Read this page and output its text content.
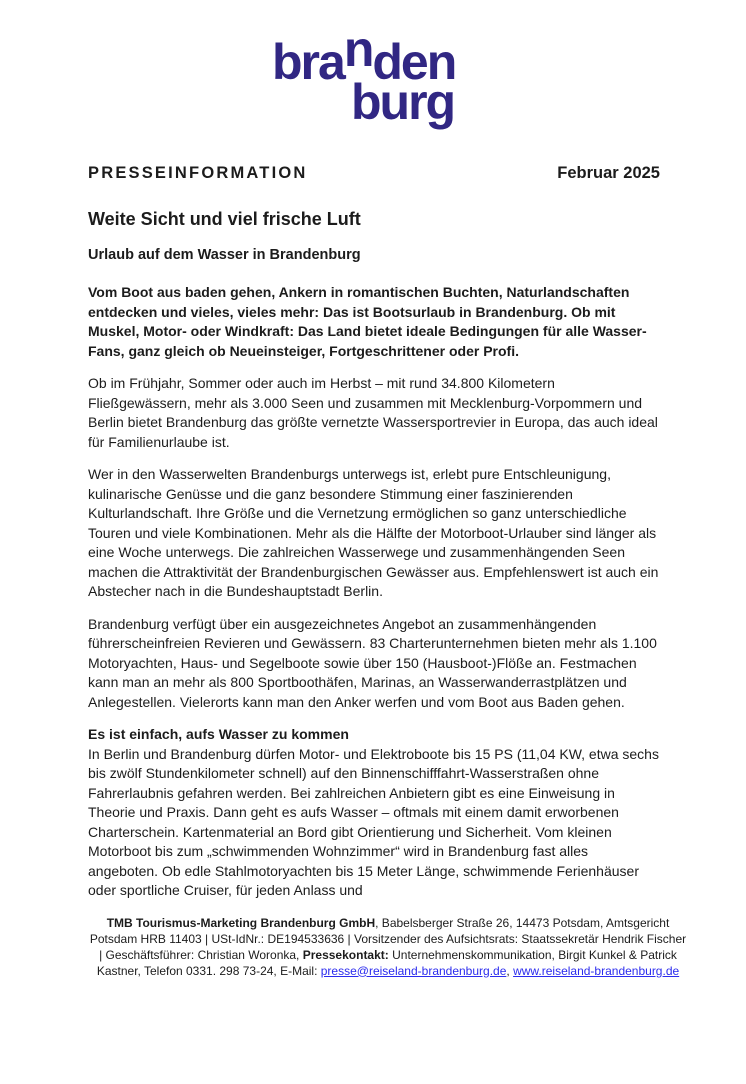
branden
burg
PRESSEINFORMATION	Februar 2025
Weite Sicht und viel frische Luft
Urlaub auf dem Wasser in Brandenburg

Vom Boot aus baden gehen, Ankern in romantischen Buchten, Naturlandschaften entdecken und vieles, vieles mehr: Das ist Bootsurlaub in Brandenburg. Ob mit Muskel, Motor- oder Windkraft: Das Land bietet ideale Bedingungen für alle Wasser-Fans, ganz gleich ob Neueinsteiger, Fortgeschrittener oder Profi.

Ob im Frühjahr, Sommer oder auch im Herbst – mit rund 34.800 Kilometern Fließgewässern, mehr als 3.000 Seen und zusammen mit Mecklenburg-Vorpommern und Berlin bietet Brandenburg das größte vernetzte Wassersportrevier in Europa, das auch ideal für Familienurlaube ist.

Wer in den Wasserwelten Brandenburgs unterwegs ist, erlebt pure Entschleunigung, kulinarische Genüsse und die ganz besondere Stimmung einer faszinierenden Kulturlandschaft. Ihre Größe und die Vernetzung ermöglichen so ganz unterschiedliche Touren und viele Kombinationen. Mehr als die Hälfte der Motorboot-Urlauber sind länger als eine Woche unterwegs. Die zahlreichen Wasserwege und zusammenhängenden Seen machen die Attraktivität der Brandenburgischen Gewässer aus. Empfehlenswert ist auch ein Abstecher nach in die Bundeshauptstadt Berlin.

Brandenburg verfügt über ein ausgezeichnetes Angebot an zusammenhängenden führerscheinfreien Revieren und Gewässern. 83 Charterunternehmen bieten mehr als 1.100 Motoryachten, Haus- und Segelboote sowie über 150 (Hausboot-)Flöße an. Festmachen kann man an mehr als 800 Sportboothäfen, Marinas, an Wasserwanderrastplätzen und Anlegestellen. Vielerorts kann man den Anker werfen und vom Boot aus Baden gehen.

Es ist einfach, aufs Wasser zu kommen
In Berlin und Brandenburg dürfen Motor- und Elektroboote bis 15 PS (11,04 KW, etwa sechs bis zwölf Stundenkilometer schnell) auf den Binnenschifffahrt-Wasserstraßen ohne Fahrerlaubnis gefahren werden. Bei zahlreichen Anbietern gibt es eine Einweisung in Theorie und Praxis. Dann geht es aufs Wasser – oftmals mit einem damit erworbenen Charterschein. Kartenmaterial an Bord gibt Orientierung und Sicherheit. Vom kleinen Motorboot bis zum „schwimmenden Wohnzimmer“ wird in Brandenburg fast alles angeboten. Ob edle Stahlmotoryachten bis 15 Meter Länge, schwimmende Ferienhäuser oder sportliche Cruiser, für jeden Anlass und

TMB Tourismus-Marketing Brandenburg GmbH, Babelsberger Straße 26, 14473 Potsdam, Amtsgericht Potsdam HRB 11403 | USt-IdNr.: DE194533636 | Vorsitzender des Aufsichtsrats: Staatssekretär Hendrik Fischer | Geschäftsführer: Christian Woronka, Pressekontakt: Unternehmenskommunikation, Birgit Kunkel & Patrick Kastner, Telefon 0331. 298 73-24, E-Mail: presse@reiseland-brandenburg.de, www.reiseland-brandenburg.de
